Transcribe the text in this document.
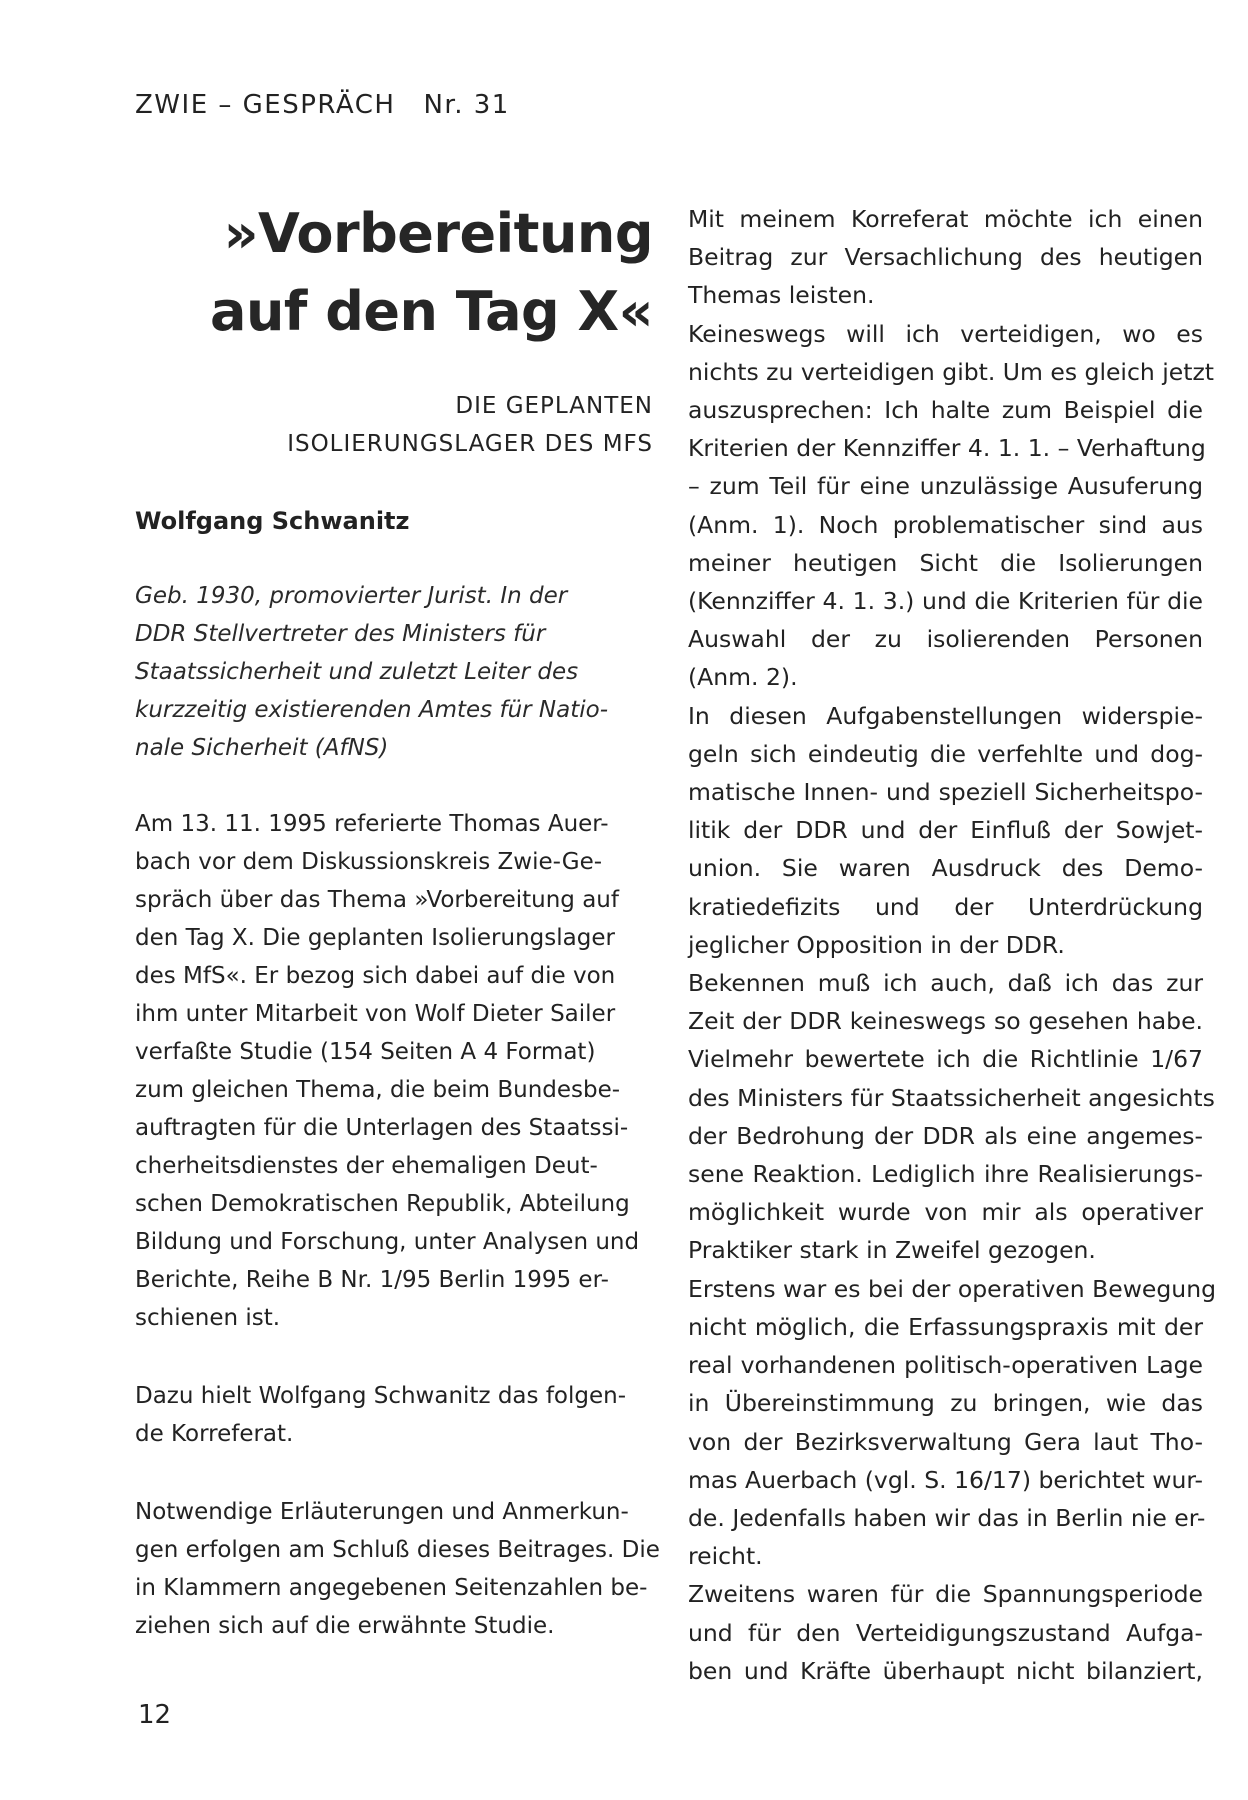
ZWIE – GESPRÄCH Nr. 31
»Vorbereitung
auf den Tag X«
DIE GEPLANTEN
ISOLIERUNGSLAGER DES MFS
Wolfgang Schwanitz
Geb. 1930, promovierter Jurist. In der
DDR Stellvertreter des Ministers für
Staatssicherheit und zuletzt Leiter des
kurzzeitig existierenden Amtes für Natio-
nale Sicherheit (AfNS)
Am 13. 11. 1995 referierte Thomas Auer-
bach vor dem Diskussionskreis Zwie-Ge-
spräch über das Thema »Vorbereitung auf
den Tag X. Die geplanten Isolierungslager
des MfS«. Er bezog sich dabei auf die von
ihm unter Mitarbeit von Wolf Dieter Sailer
verfaßte Studie (154 Seiten A 4 Format)
zum gleichen Thema, die beim Bundesbe-
auftragten für die Unterlagen des Staatssi-
cherheitsdienstes der ehemaligen Deut-
schen Demokratischen Republik, Abteilung
Bildung und Forschung, unter Analysen und
Berichte, Reihe B Nr. 1/95 Berlin 1995 er-
schienen ist.
Dazu hielt Wolfgang Schwanitz das folgen-
de Korreferat.
Notwendige Erläuterungen und Anmerkun-
gen erfolgen am Schluß dieses Beitrages. Die
in Klammern angegebenen Seitenzahlen be-
ziehen sich auf die erwähnte Studie.
Mit meinem Korreferat möchte ich einen
Beitrag zur Versachlichung des heutigen
Themas leisten.
Keineswegs will ich verteidigen, wo es
nichts zu verteidigen gibt. Um es gleich jetzt
auszusprechen: Ich halte zum Beispiel die
Kriterien der Kennziffer 4. 1. 1. – Verhaftung
– zum Teil für eine unzulässige Ausuferung
(Anm. 1). Noch problematischer sind aus
meiner heutigen Sicht die Isolierungen
(Kennziffer 4. 1. 3.) und die Kriterien für die
Auswahl der zu isolierenden Personen
(Anm. 2).
In diesen Aufgabenstellungen widerspie-
geln sich eindeutig die verfehlte und dog-
matische Innen- und speziell Sicherheitspo-
litik der DDR und der Einfluß der Sowjet-
union. Sie waren Ausdruck des Demo-
kratiedefizits und der Unterdrückung
jeglicher Opposition in der DDR.
Bekennen muß ich auch, daß ich das zur
Zeit der DDR keineswegs so gesehen habe.
Vielmehr bewertete ich die Richtlinie 1/67
des Ministers für Staatssicherheit angesichts
der Bedrohung der DDR als eine angemes-
sene Reaktion. Lediglich ihre Realisierungs-
möglichkeit wurde von mir als operativer
Praktiker stark in Zweifel gezogen.
Erstens war es bei der operativen Bewegung
nicht möglich, die Erfassungspraxis mit der
real vorhandenen politisch-operativen Lage
in Übereinstimmung zu bringen, wie das
von der Bezirksverwaltung Gera laut Tho-
mas Auerbach (vgl. S. 16/17) berichtet wur-
de. Jedenfalls haben wir das in Berlin nie er-
reicht.
Zweitens waren für die Spannungsperiode
und für den Verteidigungszustand Aufga-
ben und Kräfte überhaupt nicht bilanziert,
12
